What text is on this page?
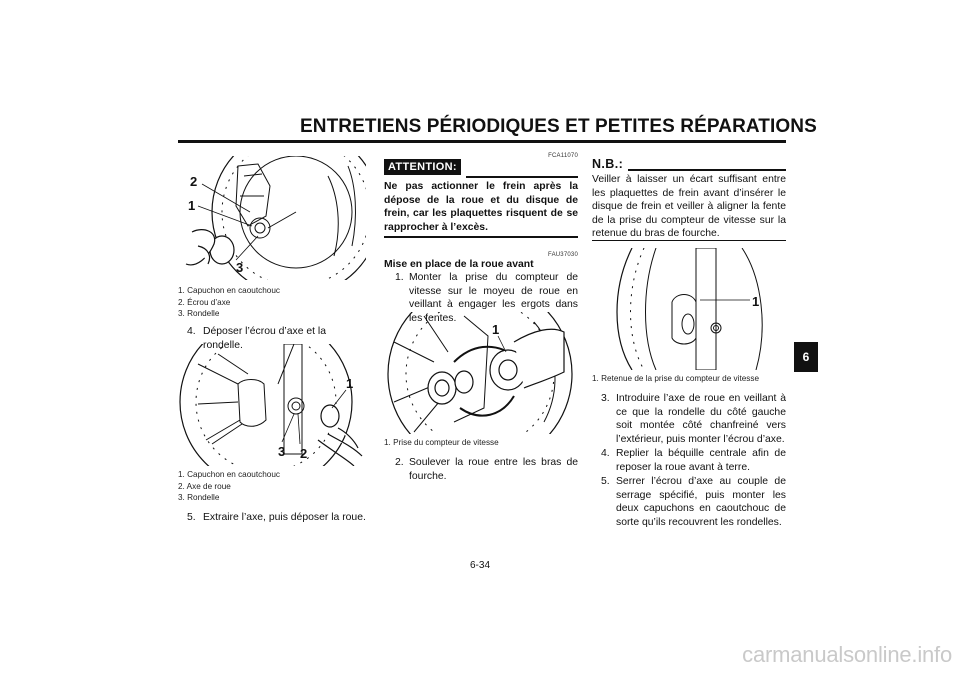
ENTRETIENS PÉRIODIQUES ET PETITES RÉPARATIONS
2
1
3
1. Capuchon en caoutchouc
2. Écrou d’axe
3. Rondelle
4. Déposer l’écrou d’axe et la rondelle.
1
3 2
1. Capuchon en caoutchouc
2. Axe de roue
3. Rondelle
5. Extraire l’axe, puis déposer la roue.
FCA11070
ATTENTION:
Ne pas actionner le frein après la dépose de la roue et du disque de frein, car les plaquettes risquent de se rapprocher à l’excès.
FAU37030
Mise en place de la roue avant
1. Monter la prise du compteur de vitesse sur le moyeu de roue en veillant à engager les ergots dans les fentes.
1
1. Prise du compteur de vitesse
2. Soulever la roue entre les bras de fourche.
N.B.:
Veiller à laisser un écart suffisant entre les plaquettes de frein avant d’insérer le disque de frein et veiller à aligner la fente de la prise du compteur de vitesse sur la retenue du bras de fourche.
1
1. Retenue de la prise du compteur de vitesse
3. Introduire l’axe de roue en veillant à ce que la rondelle du côté gauche soit montée côté chanfreiné vers l’extérieur, puis monter l’écrou d’axe.
4. Replier la béquille centrale afin de reposer la roue avant à terre.
5. Serrer l’écrou d’axe au couple de serrage spécifié, puis monter les deux capuchons en caoutchouc de sorte qu’ils recouvrent les rondelles.
6
6-34
carmanualsonline.info
